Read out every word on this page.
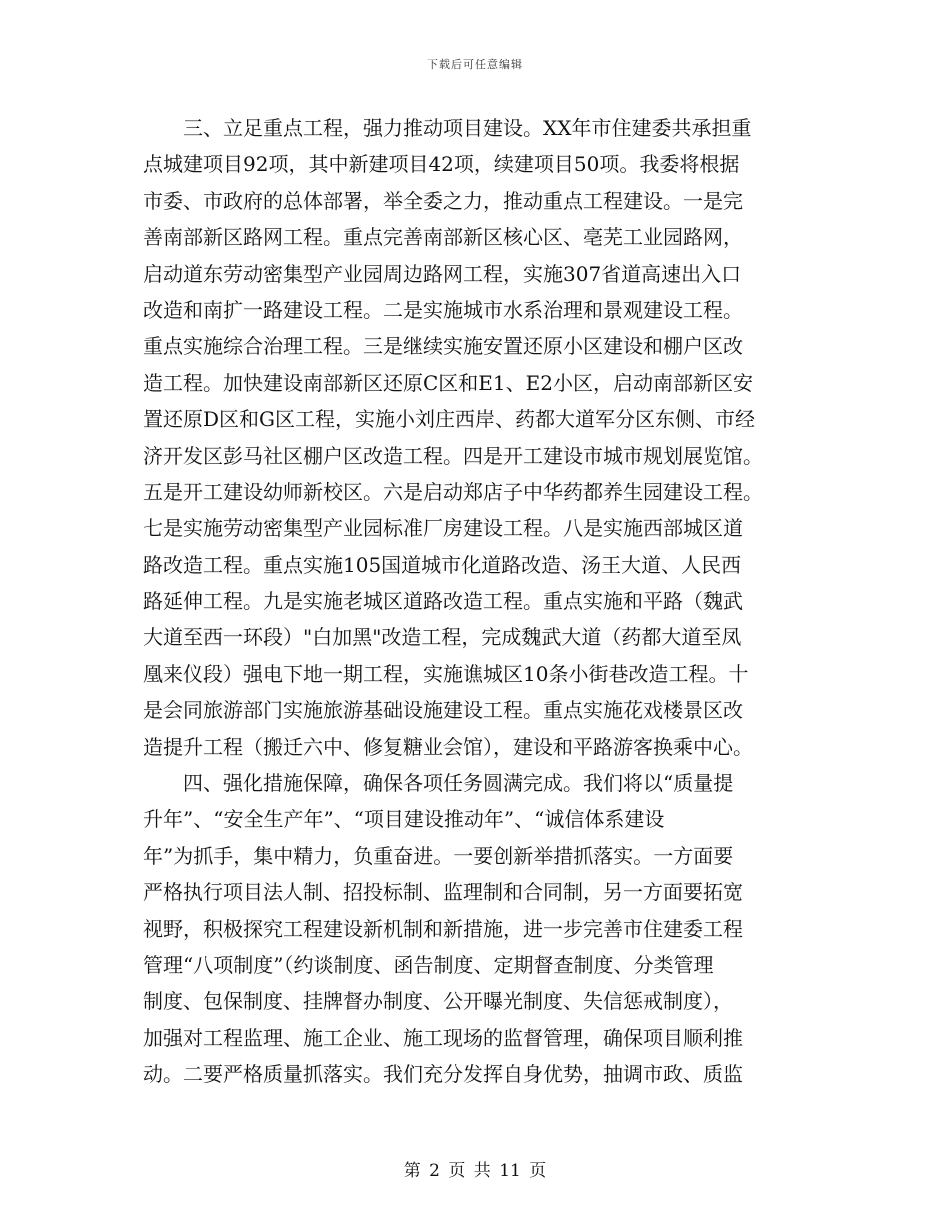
下载后可任意编辑
　　三、立足重点工程，强力推动项目建设。XX年市住建委共承担重
点城建项目92项，其中新建项目42项，续建项目50项。我委将根据
市委、市政府的总体部署，举全委之力，推动重点工程建设。一是完
善南部新区路网工程。重点完善南部新区核心区、亳芜工业园路网，
启动道东劳动密集型产业园周边路网工程，实施307省道高速出入口
改造和南扩一路建设工程。二是实施城市水系治理和景观建设工程。
重点实施综合治理工程。三是继续实施安置还原小区建设和棚户区改
造工程。加快建设南部新区还原C区和E1、E2小区，启动南部新区安
置还原D区和G区工程，实施小刘庄西岸、药都大道军分区东侧、市经
济开发区彭马社区棚户区改造工程。四是开工建设市城市规划展览馆。
五是开工建设幼师新校区。六是启动郑店子中华药都养生园建设工程。
七是实施劳动密集型产业园标准厂房建设工程。八是实施西部城区道
路改造工程。重点实施105国道城市化道路改造、汤王大道、人民西
路延伸工程。九是实施老城区道路改造工程。重点实施和平路（魏武
大道至西一环段）"白加黑"改造工程，完成魏武大道（药都大道至凤
凰来仪段）强电下地一期工程，实施谯城区10条小街巷改造工程。十
是会同旅游部门实施旅游基础设施建设工程。重点实施花戏楼景区改
造提升工程（搬迁六中、修复糖业会馆），建设和平路游客换乘中心。
　　四、强化措施保障，确保各项任务圆满完成。我们将以“质量提
升年”、“安全生产年”、“项目建设推动年”、“诚信体系建设
年”为抓手，集中精力，负重奋进。一要创新举措抓落实。一方面要
严格执行项目法人制、招投标制、监理制和合同制，另一方面要拓宽
视野，积极探究工程建设新机制和新措施，进一步完善市住建委工程
管理“八项制度”（约谈制度、函告制度、定期督查制度、分类管理
制度、包保制度、挂牌督办制度、公开曝光制度、失信惩戒制度），
加强对工程监理、施工企业、施工现场的监督管理，确保项目顺利推
动。二要严格质量抓落实。我们充分发挥自身优势，抽调市政、质监
第 2 页 共 11 页
